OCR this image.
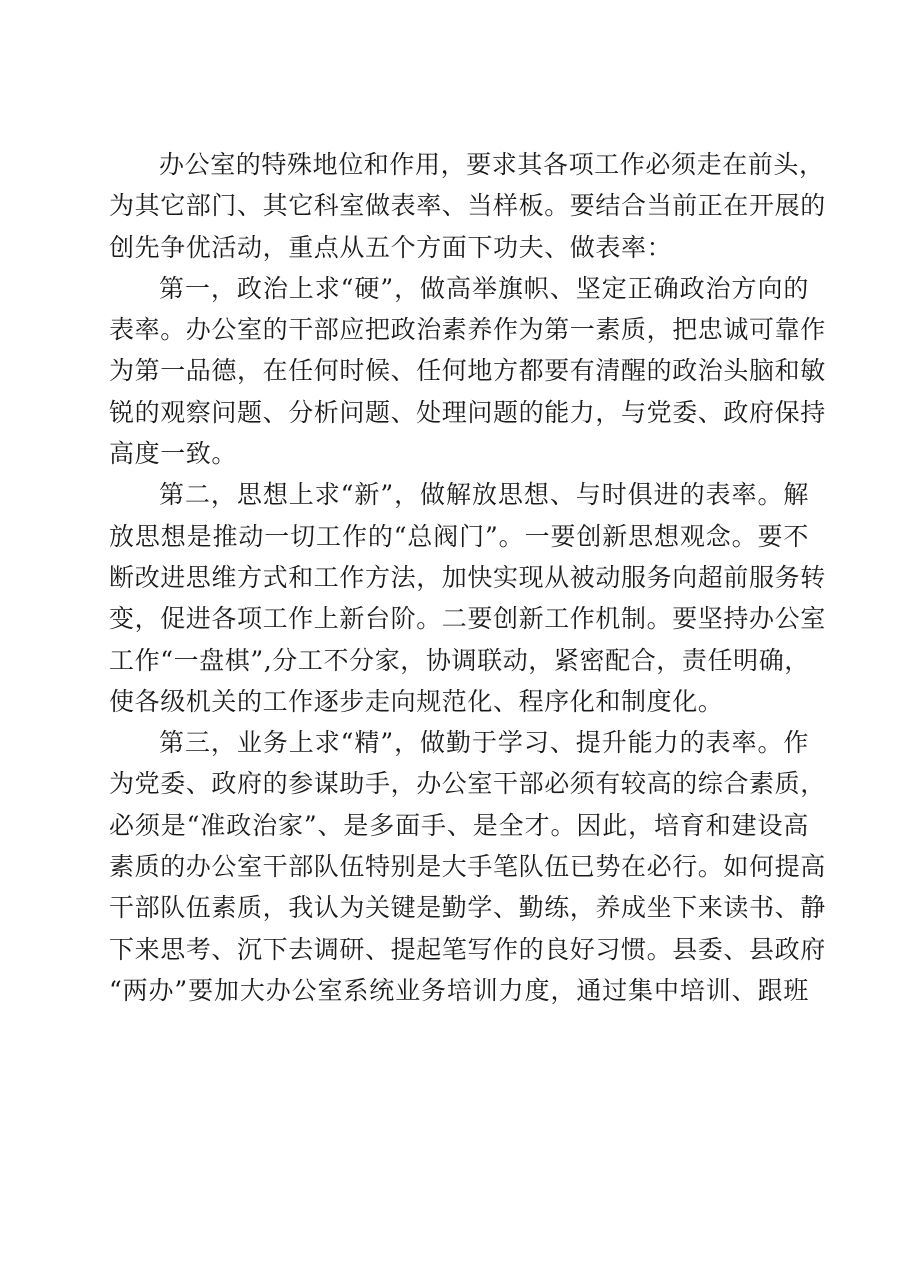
办公室的特殊地位和作用，要求其各项工作必须走在前头，
为其它部门、其它科室做表率、当样板。要结合当前正在开展的
创先争优活动，重点从五个方面下功夫、做表率：
第一，政治上求“硬”，做高举旗帜、坚定正确政治方向的
表率。办公室的干部应把政治素养作为第一素质，把忠诚可靠作
为第一品德，在任何时候、任何地方都要有清醒的政治头脑和敏
锐的观察问题、分析问题、处理问题的能力，与党委、政府保持
高度一致。
第二，思想上求“新”，做解放思想、与时俱进的表率。解
放思想是推动一切工作的“总阀门”。一要创新思想观念。要不
断改进思维方式和工作方法，加快实现从被动服务向超前服务转
变，促进各项工作上新台阶。二要创新工作机制。要坚持办公室
工作“一盘棋”,分工不分家，协调联动，紧密配合，责任明确，
使各级机关的工作逐步走向规范化、程序化和制度化。
第三，业务上求“精”，做勤于学习、提升能力的表率。作
为党委、政府的参谋助手，办公室干部必须有较高的综合素质，
必须是“准政治家”、是多面手、是全才。因此，培育和建设高
素质的办公室干部队伍特别是大手笔队伍已势在必行。如何提高
干部队伍素质，我认为关键是勤学、勤练，养成坐下来读书、静
下来思考、沉下去调研、提起笔写作的良好习惯。县委、县政府
“两办”要加大办公室系统业务培训力度，通过集中培训、跟班
